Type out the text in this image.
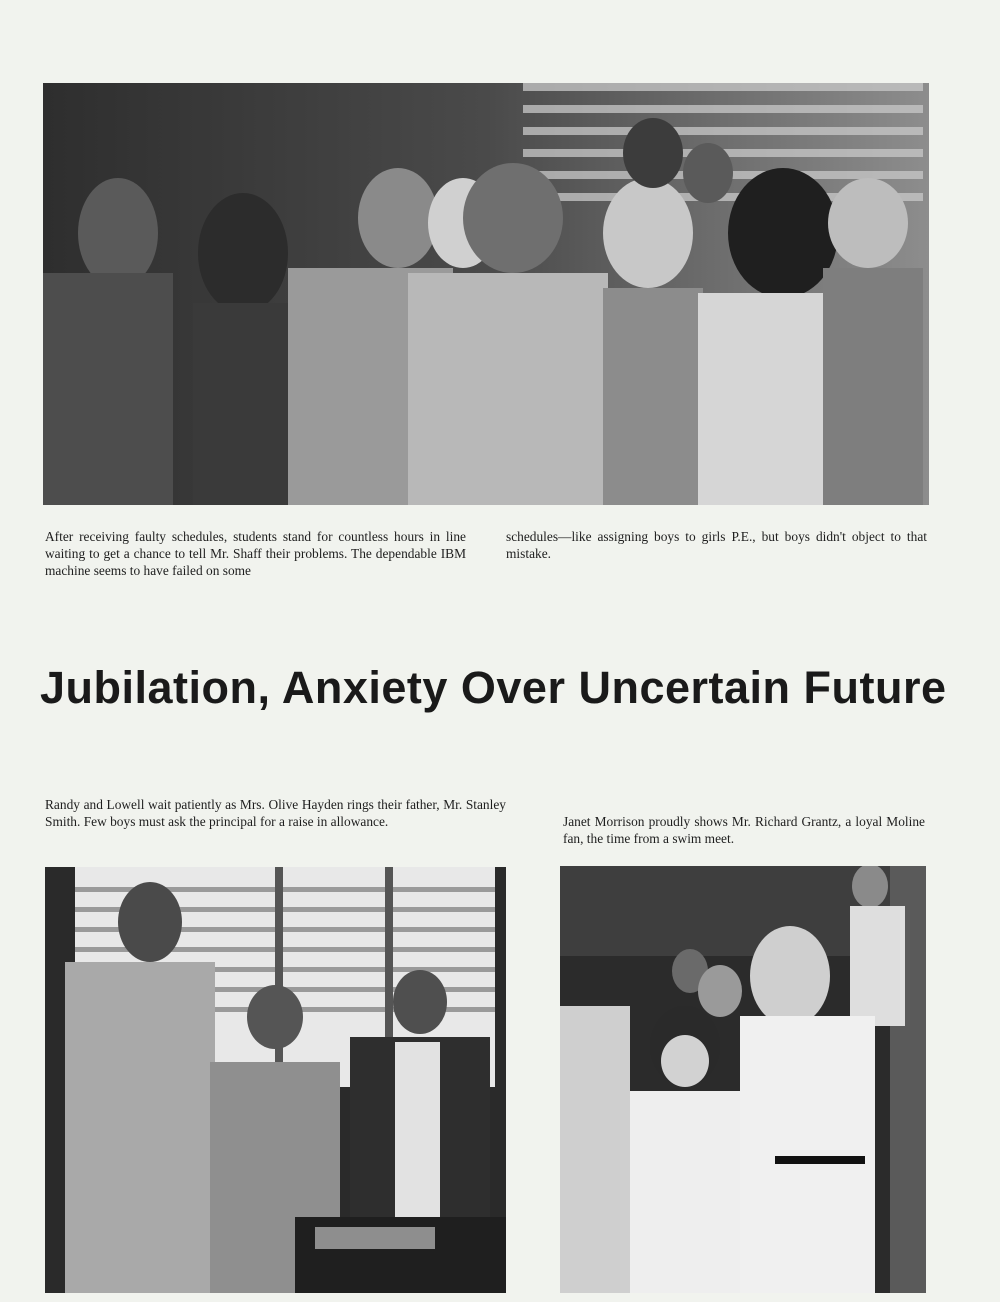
After receiving faulty schedules, students stand for countless hours in line waiting to get a chance to tell Mr. Shaff their problems. The dependable IBM machine seems to have failed on some
schedules—like assigning boys to girls P.E., but boys didn't object to that mistake.
Jubilation, Anxiety Over Uncertain Future
Randy and Lowell wait patiently as Mrs. Olive Hayden rings their father, Mr. Stanley Smith. Few boys must ask the principal for a raise in allowance.	Janet Morrison proudly shows Mr. Richard Grantz, a loyal Moline fan, the time from a swim meet.
